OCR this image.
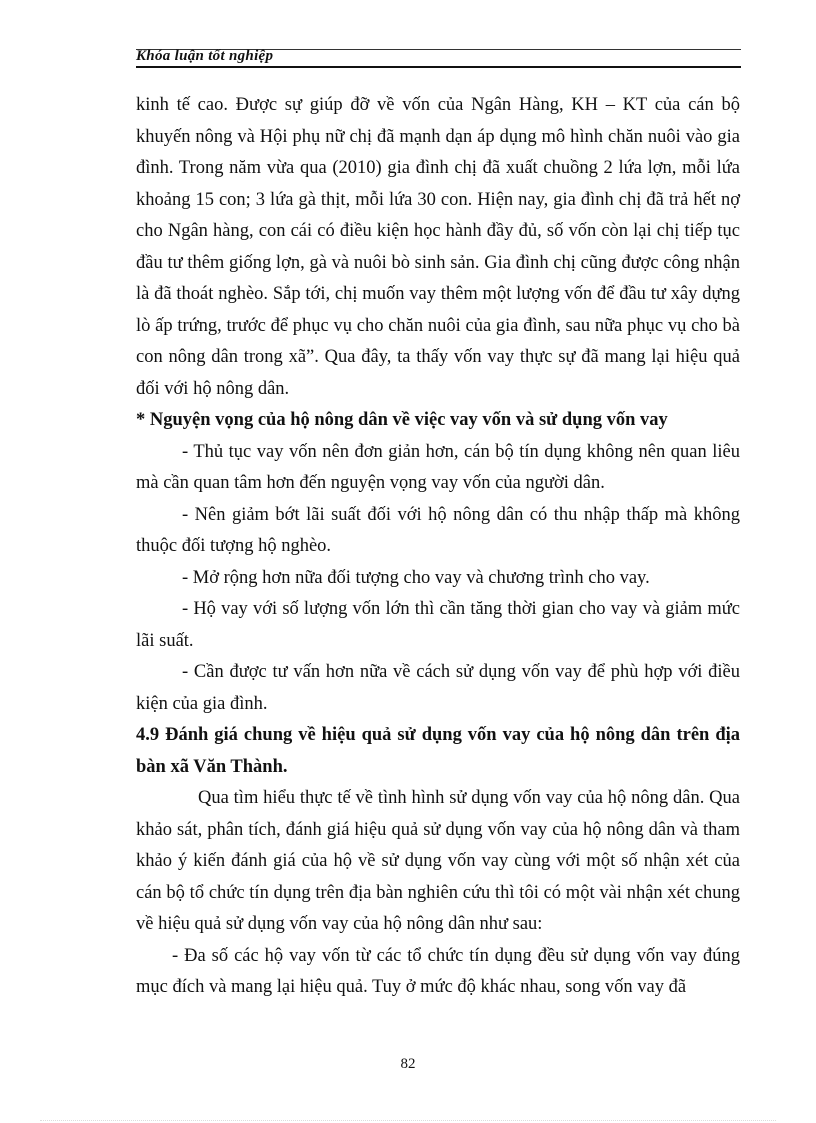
Khóa luận tốt nghiệp

kinh tế cao. Được sự giúp đỡ về vốn của Ngân Hàng, KH – KT của cán bộ khuyến nông và Hội phụ nữ chị đã mạnh dạn áp dụng mô hình chăn nuôi vào gia đình. Trong năm vừa qua (2010) gia đình chị đã xuất chuồng 2 lứa lợn, mỗi lứa khoảng 15 con; 3 lứa gà thịt, mỗi lứa 30 con. Hiện nay, gia đình chị đã trả hết nợ cho Ngân hàng, con cái có điều kiện học hành đầy đủ, số vốn còn lại chị tiếp tục đầu tư thêm giống lợn, gà và nuôi bò sinh sản. Gia đình chị cũng được công nhận là đã thoát nghèo. Sắp tới, chị muốn vay thêm một lượng vốn để đầu tư xây dựng lò ấp trứng, trước để phục vụ cho chăn nuôi của gia đình, sau nữa phục vụ cho bà con nông dân trong xã”. Qua đây, ta thấy vốn vay thực sự đã mang lại hiệu quả đối với hộ nông dân.

* Nguyện vọng của hộ nông dân về việc vay vốn và sử dụng vốn vay

- Thủ tục vay vốn nên đơn giản hơn, cán bộ tín dụng không nên quan liêu mà cần quan tâm hơn đến nguyện vọng vay vốn của người dân.

- Nên giảm bớt lãi suất đối với hộ nông dân có thu nhập thấp mà không thuộc đối tượng hộ nghèo.

- Mở rộng hơn nữa đối tượng cho vay và chương trình cho vay.

- Hộ vay với số lượng vốn lớn thì cần tăng thời gian cho vay và giảm mức lãi suất.

- Cần được tư vấn hơn nữa về cách sử dụng vốn vay để phù hợp với điều kiện của gia đình.

4.9 Đánh giá chung về hiệu quả sử dụng vốn vay của hộ nông dân trên địa bàn xã Văn Thành.

Qua tìm hiểu thực tế về tình hình sử dụng vốn vay của hộ nông dân. Qua khảo sát, phân tích, đánh giá hiệu quả sử dụng vốn vay của hộ nông dân và tham khảo ý kiến đánh giá của hộ về sử dụng vốn vay cùng với một số nhận xét của cán bộ tổ chức tín dụng trên địa bàn nghiên cứu thì tôi có một vài nhận xét chung về hiệu quả sử dụng vốn vay của hộ nông dân như sau:

- Đa số các hộ vay vốn từ các tổ chức tín dụng đều sử dụng vốn vay đúng mục đích và mang lại hiệu quả. Tuy ở mức độ khác nhau, song vốn vay đã

82
